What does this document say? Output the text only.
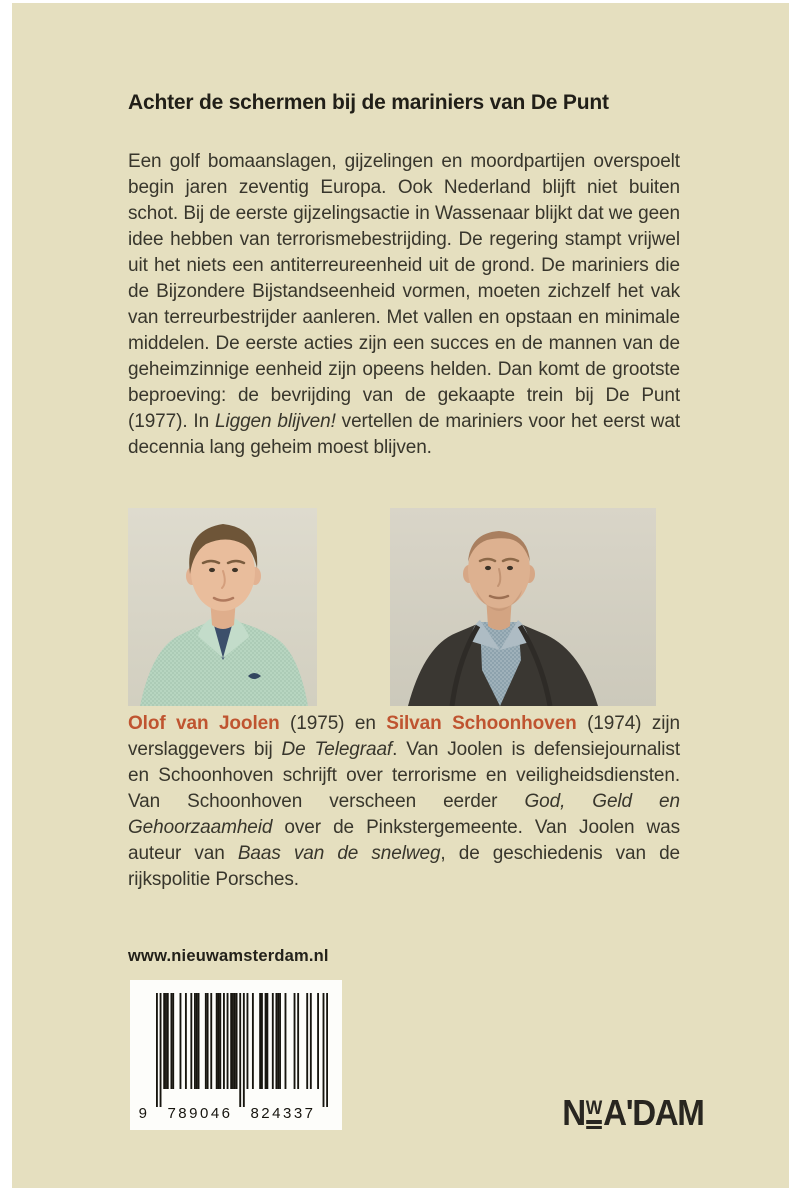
Achter de schermen bij de mariniers van De Punt

Een golf bomaanslagen, gijzelingen en moordpartijen overspoelt begin jaren zeventig Europa. Ook Nederland blijft niet buiten schot. Bij de eerste gijzelingsactie in Wassenaar blijkt dat we geen idee hebben van terrorismebestrijding. De regering stampt vrijwel uit het niets een antiterreureenheid uit de grond. De mariniers die de Bijzondere Bijstandseenheid vormen, moeten zichzelf het vak van terreurbestrijder aanleren. Met vallen en opstaan en minimale middelen. De eerste acties zijn een succes en de mannen van de geheimzinnige eenheid zijn opeens helden. Dan komt de grootste beproeving: de bevrijding van de gekaapte trein bij De Punt (1977). In Liggen blijven! vertellen de mariniers voor het eerst wat decennia lang geheim moest blijven.

Olof van Joolen (1975) en Silvan Schoonhoven (1974) zijn verslaggevers bij De Telegraaf. Van Joolen is defensiejournalist en Schoonhoven schrijft over terrorisme en veiligheidsdiensten. Van Schoonhoven verscheen eerder God, Geld en Gehoorzaamheid over de Pinkstergemeente. Van Joolen was auteur van Baas van de snelweg, de geschiedenis van de rijkspolitie Porsches.

www.nieuwamsterdam.nl

9 789046 824337	N W A'DAM
